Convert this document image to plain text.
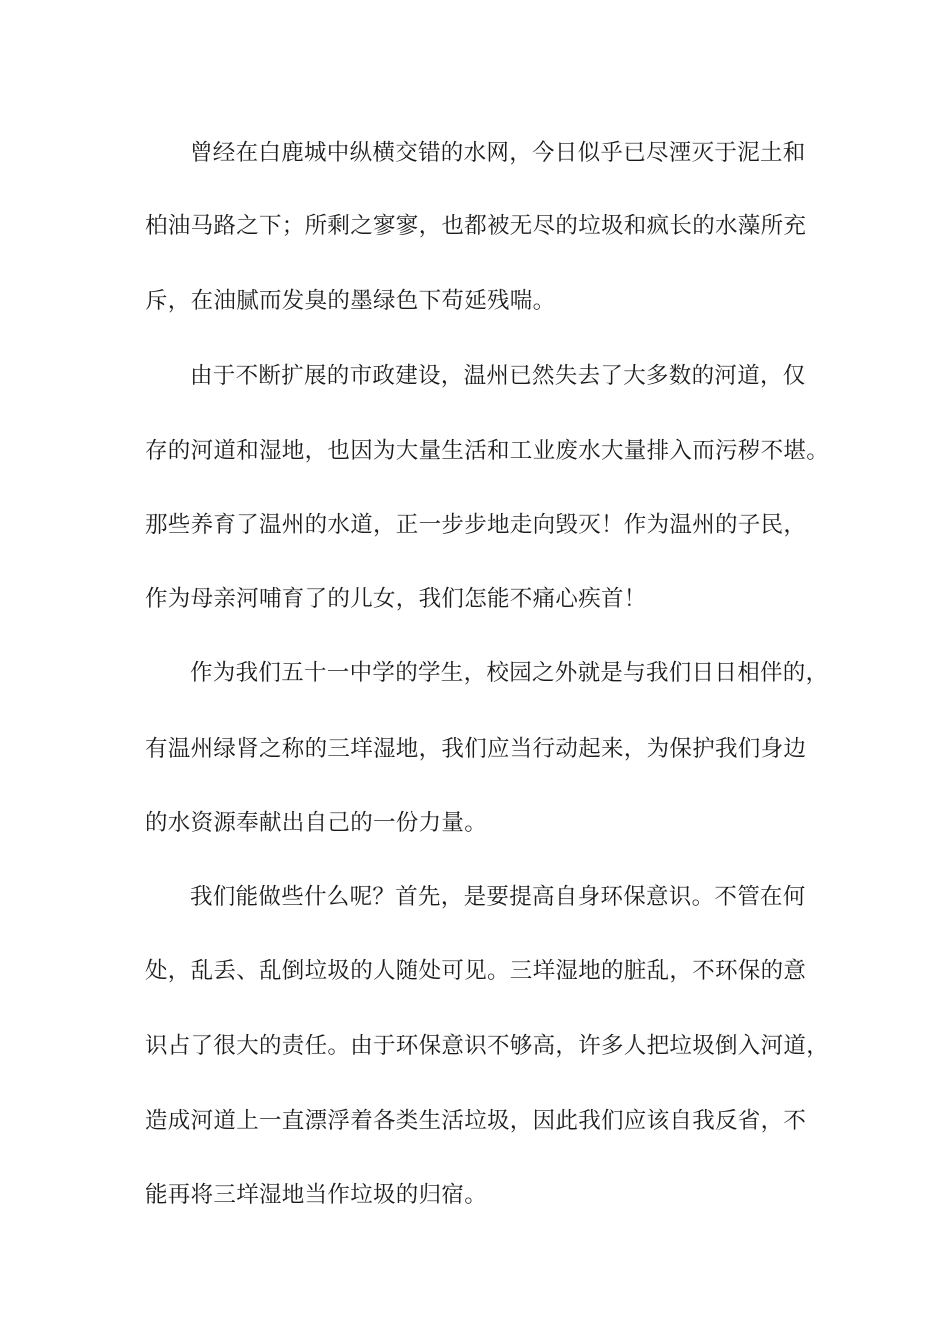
曾经在白鹿城中纵横交错的水网，今日似乎已尽湮灭于泥土和
柏油马路之下；所剩之寥寥，也都被无尽的垃圾和疯长的水藻所充
斥，在油腻而发臭的墨绿色下苟延残喘。
由于不断扩展的市政建设，温州已然失去了大多数的河道，仅
存的河道和湿地，也因为大量生活和工业废水大量排入而污秽不堪。
那些养育了温州的水道，正一步步地走向毁灭！作为温州的子民，
作为母亲河哺育了的儿女，我们怎能不痛心疾首！
作为我们五十一中学的学生，校园之外就是与我们日日相伴的，
有温州绿肾之称的三垟湿地，我们应当行动起来，为保护我们身边
的水资源奉献出自己的一份力量。
我们能做些什么呢？首先，是要提高自身环保意识。不管在何
处，乱丢、乱倒垃圾的人随处可见。三垟湿地的脏乱，不环保的意
识占了很大的责任。由于环保意识不够高，许多人把垃圾倒入河道，
造成河道上一直漂浮着各类生活垃圾，因此我们应该自我反省，不
能再将三垟湿地当作垃圾的归宿。
